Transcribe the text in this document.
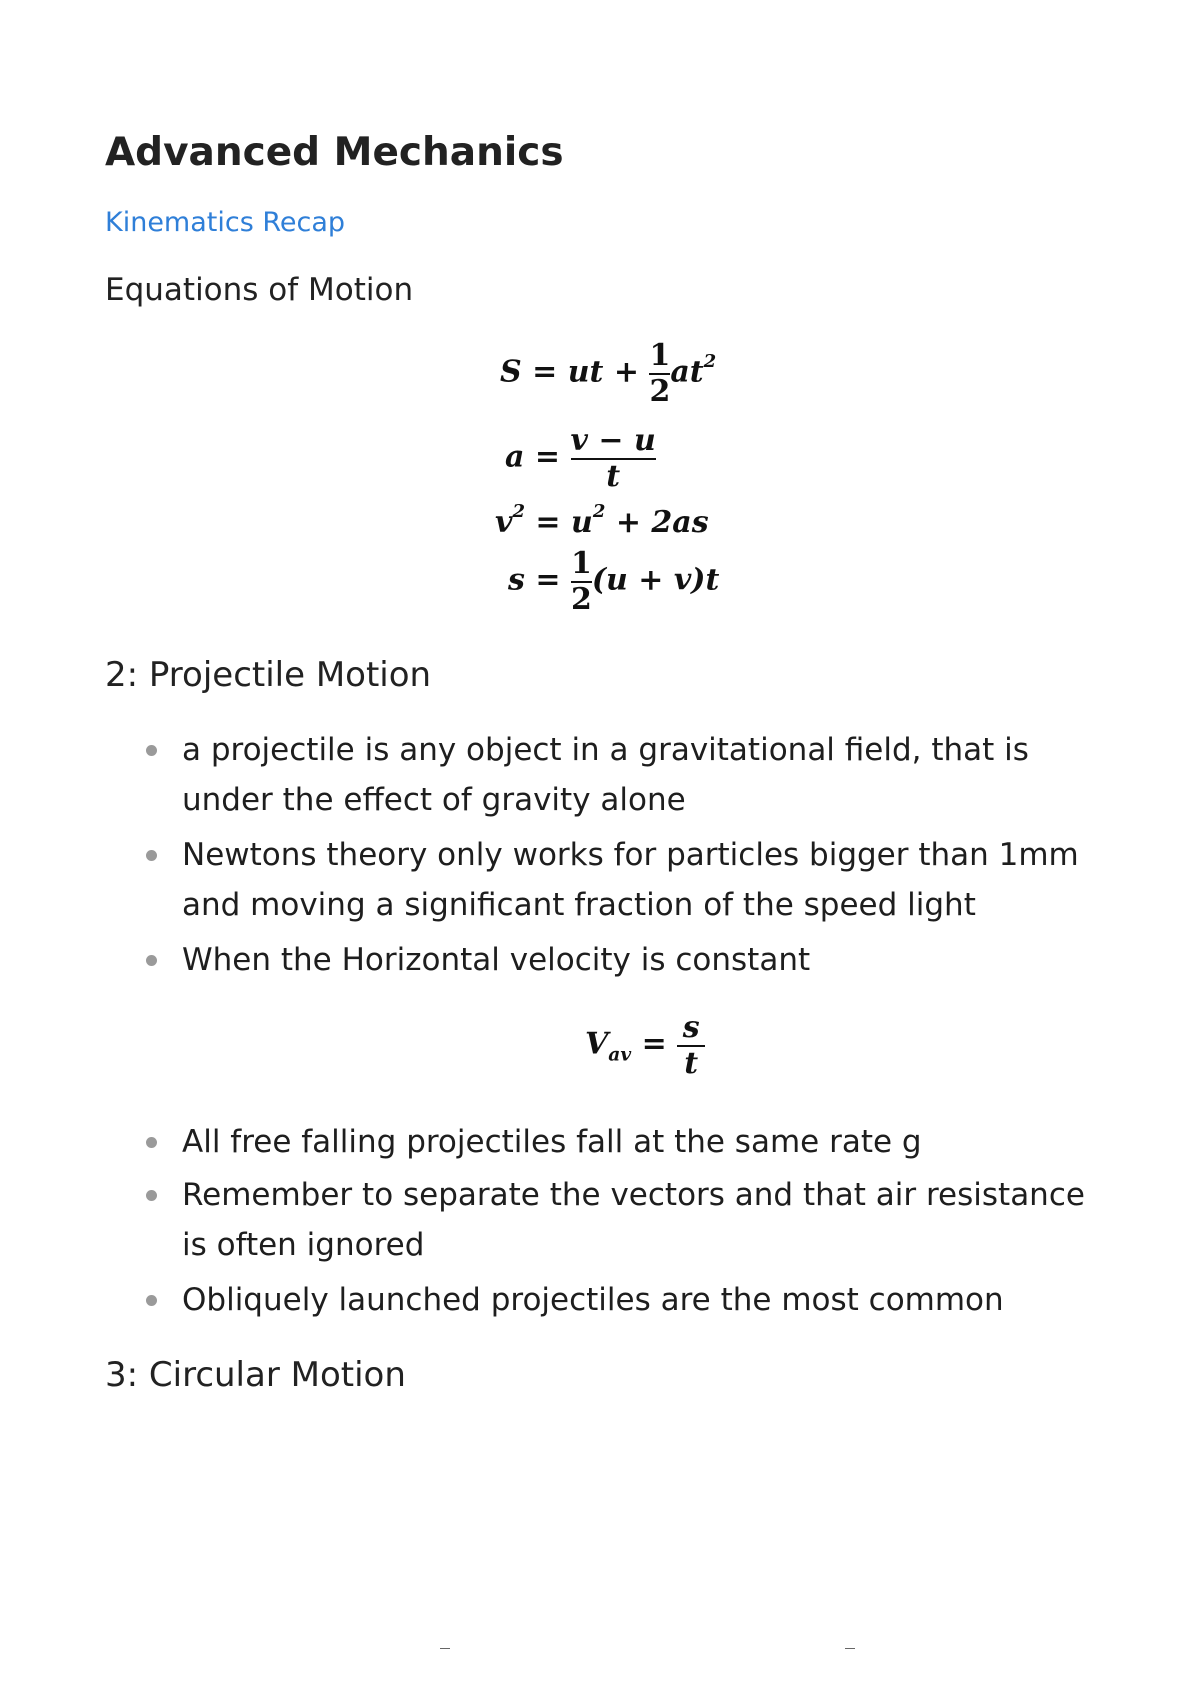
Advanced Mechanics
Kinematics Recap
Equations of Motion
S = ut + $\frac{1}{2} at^2$
$a = \frac{v - u}{t}$
$v^2 = u^2 + 2as$
$s = \frac{1}{2} (u + v)t$
2: Projectile Motion
a projectile is any object in a gravitational field, that is under the effect of gravity alone
Newtons theory only works for particles bigger than 1mm and moving a significant fraction of the speed light
When the Horizontal velocity is constant
$V_{av} = \frac{s}{t}$
All free falling projectiles fall at the same rate g
Remember to separate the vectors and that air resistance is often ignored
Obliquely launched projectiles are the most common
3: Circular Motion
